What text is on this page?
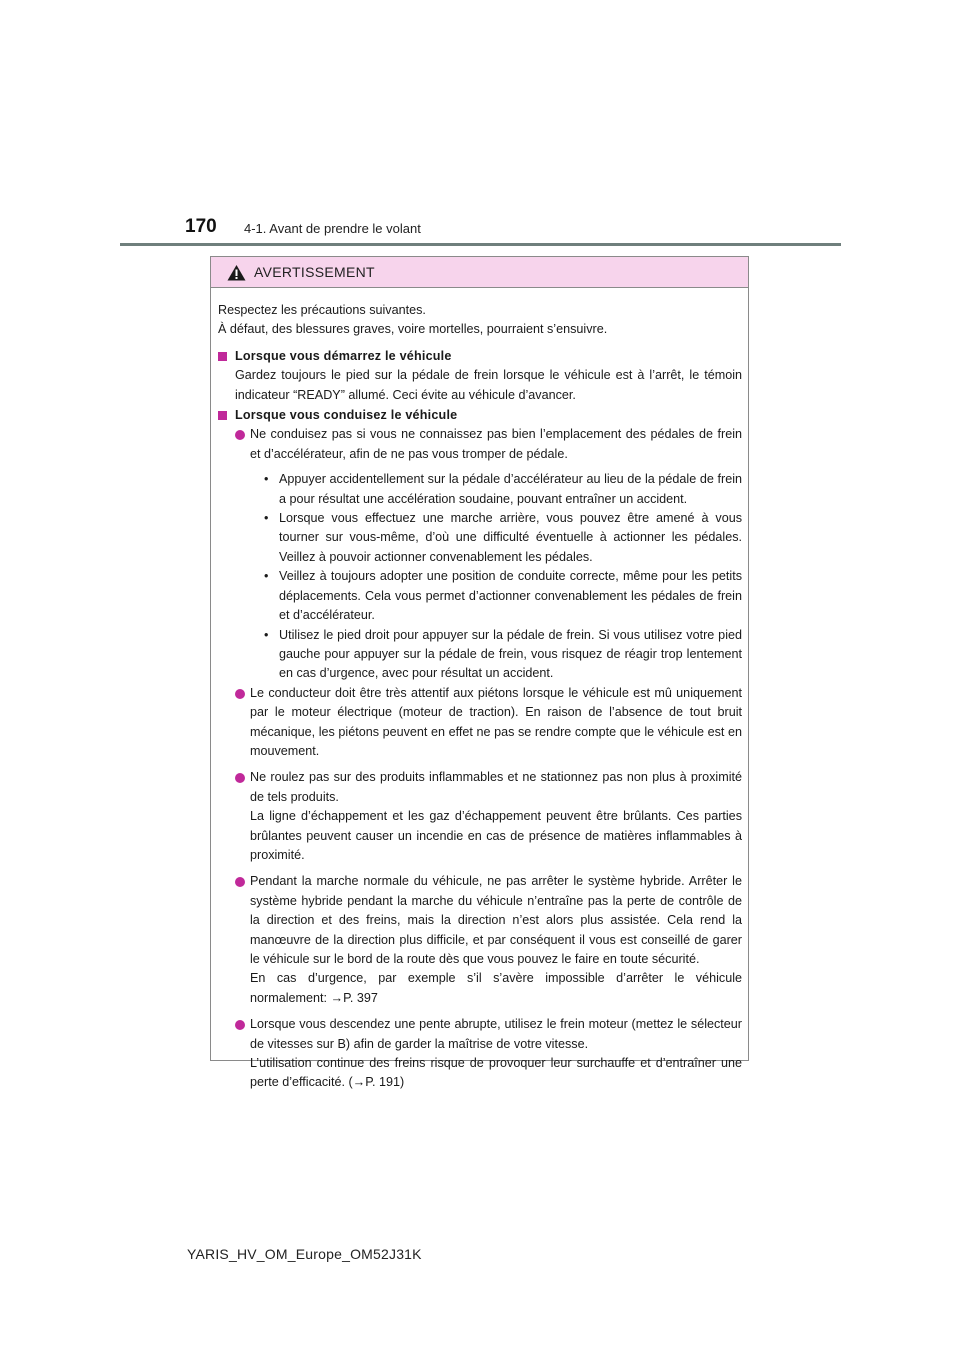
170 4-1. Avant de prendre le volant
AVERTISSEMENT

Respectez les précautions suivantes.

À défaut, des blessures graves, voire mortelles, pourraient s’ensuivre.

Lorsque vous démarrez le véhicule

Gardez toujours le pied sur la pédale de frein lorsque le véhicule est à l’arrêt, le témoin indicateur “READY” allumé. Ceci évite au véhicule d’avancer.

Lorsque vous conduisez le véhicule
Ne conduisez pas si vous ne connaissez pas bien l’emplacement des pédales de frein et d’accélérateur, afin de ne pas vous tromper de pédale.
• Appuyer accidentellement sur la pédale d’accélérateur au lieu de la pédale de frein a pour résultat une accélération soudaine, pouvant entraîner un accident.
• Lorsque vous effectuez une marche arrière, vous pouvez être amené à vous tourner sur vous-même, d’où une difficulté éventuelle à actionner les pédales. Veillez à pouvoir actionner convenablement les pédales.
• Veillez à toujours adopter une position de conduite correcte, même pour les petits déplacements. Cela vous permet d’actionner convenablement les pédales de frein et d’accélérateur.
• Utilisez le pied droit pour appuyer sur la pédale de frein. Si vous utilisez votre pied gauche pour appuyer sur la pédale de frein, vous risquez de réagir trop lentement en cas d’urgence, avec pour résultat un accident.
Le conducteur doit être très attentif aux piétons lorsque le véhicule est mû uniquement par le moteur électrique (moteur de traction). En raison de l’absence de tout bruit mécanique, les piétons peuvent en effet ne pas se rendre compte que le véhicule est en mouvement.
Ne roulez pas sur des produits inflammables et ne stationnez pas non plus à proximité de tels produits.
La ligne d’échappement et les gaz d’échappement peuvent être brûlants. Ces parties brûlantes peuvent causer un incendie en cas de présence de matières inflammables à proximité.
Pendant la marche normale du véhicule, ne pas arrêter le système hybride. Arrêter le système hybride pendant la marche du véhicule n’entraîne pas la perte de contrôle de la direction et des freins, mais la direction n’est alors plus assistée. Cela rend la manœuvre de la direction plus difficile, et par conséquent il vous est conseillé de garer le véhicule sur le bord de la route dès que vous pouvez le faire en toute sécurité.
En cas d’urgence, par exemple s’il s’avère impossible d’arrêter le véhicule normalement: →P. 397
Lorsque vous descendez une pente abrupte, utilisez le frein moteur (mettez le sélecteur de vitesses sur B) afin de garder la maîtrise de votre vitesse.
L’utilisation continue des freins risque de provoquer leur surchauffe et d’entraîner une perte d’efficacité. (→P. 191)
YARIS_HV_OM_Europe_OM52J31K
